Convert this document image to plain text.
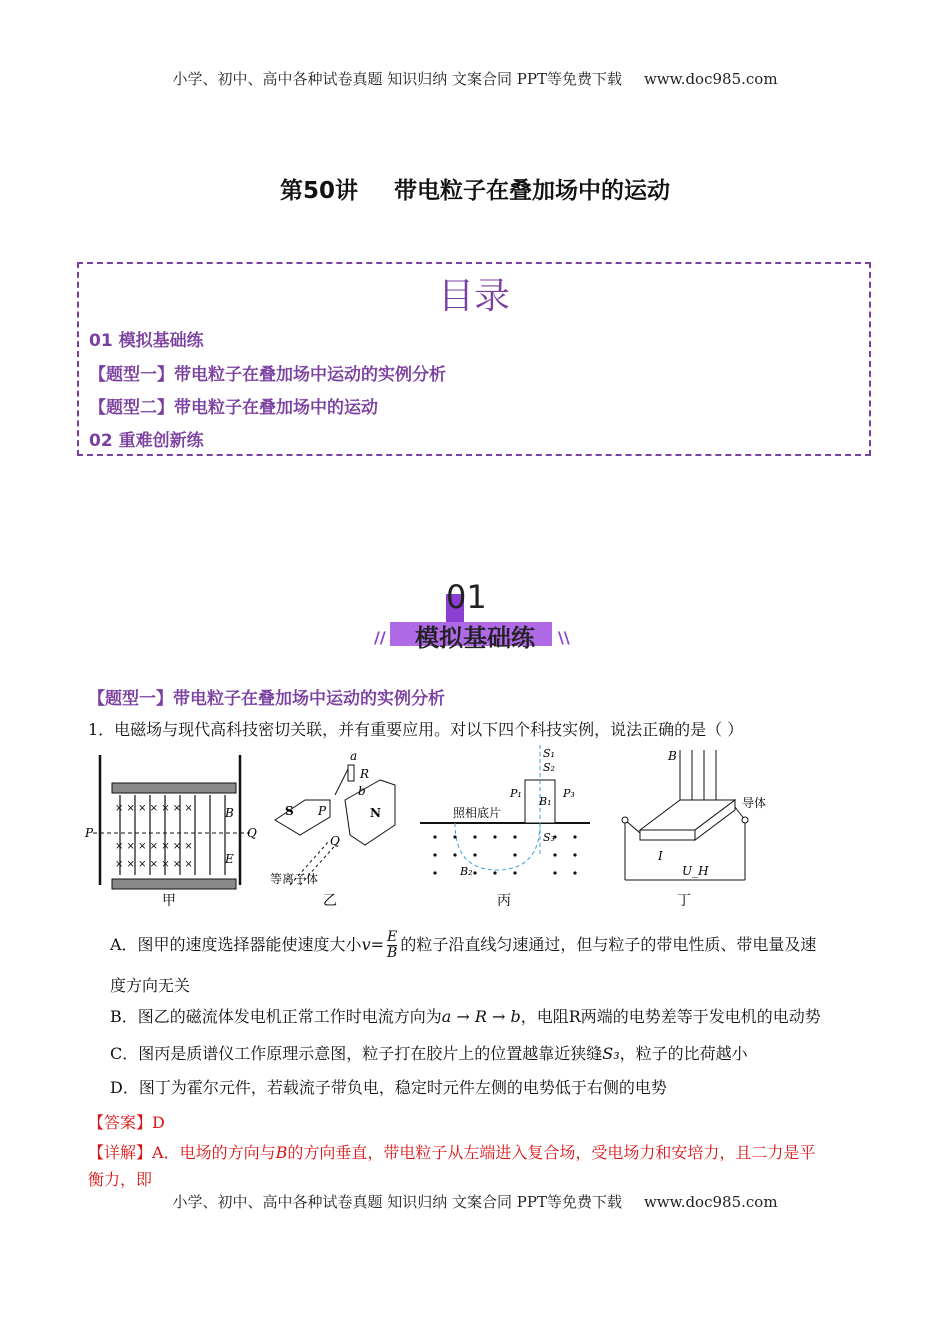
小学、初中、高中各种试卷真题 知识归纳 文案合同 PPT等免费下载 www.doc985.com
第50讲 带电粒子在叠加场中的运动
目录
01 模拟基础练
【题型一】带电粒子在叠加场中运动的实例分析
【题型二】带电粒子在叠加场中的运动
02 重难创新练
01
模拟基础练
//	\\
【题型一】带电粒子在叠加场中运动的实例分析
1．电磁场与现代高科技密切关联，并有重要应用。对以下四个科技实例，说法正确的是（ ）
× × × × × × ×
× × × × × × ×
× × × × × × ×
P	Q
B
E
a
b
R
S P
Q
N
等离子体
S₁
S₂
S₃
P₁	P₃
B₁
B₂
照相底片
B
导体
I
U_H
甲	乙	丙	丁
A．图甲的速度选择器能使速度大小$v= \frac{E}{B}$ 的粒子沿直线匀速通过，但与粒子的带电性质、带电量及速
度方向无关
B．图乙的磁流体发电机正常工作时电流方向为a → R → b，电阻R两端的电势差等于发电机的电动势
C．图丙是质谱仪工作原理示意图，粒子打在胶片上的位置越靠近狭缝S₃，粒子的比荷越小
D．图丁为霍尔元件，若载流子带负电，稳定时元件左侧的电势低于右侧的电势
【答案】D
【详解】A．电场的方向与B的方向垂直，带电粒子从左端进入复合场，受电场力和安培力，且二力是平
衡力，即
小学、初中、高中各种试卷真题 知识归纳 文案合同 PPT等免费下载 www.doc985.com
